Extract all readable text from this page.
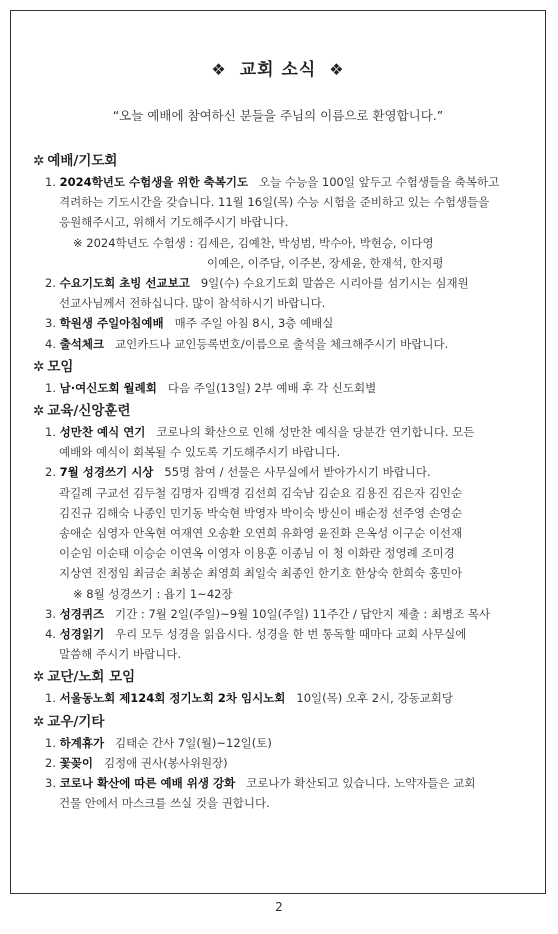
❖ 교회 소식 ❖
“오늘 예배에 참여하신 분들을 주님의 이름으로 환영합니다.”
✲ 예배/기도회
1. 2024학년도 수험생을 위한 축복기도 오늘 수능을 100일 앞두고 수험생들을 축복하고
격려하는 기도시간을 갖습니다. 11월 16일(목) 수능 시험을 준비하고 있는 수험생들을
응원해주시고, 위해서 기도해주시기 바랍니다.
※ 2024학년도 수험생 : 김세은, 김예찬, 박성범, 박수아, 박현승, 이다영
이예은, 이주담, 이주본, 장세윤, 한재석, 한지평
2. 수요기도회 초빙 선교보고 9일(수) 수요기도회 말씀은 시리아를 섬기시는 심재원
선교사님께서 전하십니다. 많이 참석하시기 바랍니다.
3. 학원생 주일아침예배 매주 주일 아침 8시, 3층 예배실
4. 출석체크 교인카드나 교인등록번호/이름으로 출석을 체크해주시기 바랍니다.
✲ 모임
1. 남·여신도회 월례회 다음 주일(13일) 2부 예배 후 각 신도회별
✲ 교육/신앙훈련
1. 성만찬 예식 연기 코로나의 확산으로 인해 성만찬 예식을 당분간 연기합니다. 모든
예배와 예식이 회복될 수 있도록 기도해주시기 바랍니다.
2. 7월 성경쓰기 시상 55명 참여 / 선물은 사무실에서 받아가시기 바랍니다.
곽길례 구교선 김두철 김명자 김백경 김선희 김숙남 김순요 김용진 김은자 김인순
김진규 김해숙 나종인 민기동 박숙현 박영자 박이숙 방신이 배순정 선주영 손영순
송애순 심영자 안옥현 여재연 오송환 오연희 유화영 윤진화 은옥성 이구순 이선재
이순임 이순태 이승순 이연옥 이영자 이용훈 이종님 이 청 이화란 정영례 조미경
지상연 진정임 최금순 최봉순 최영희 최일숙 최종인 한기호 한상숙 한희숙 홍민아
※ 8월 성경쓰기 : 욥기 1~42장
3. 성경퀴즈 기간 : 7월 2일(주일)~9월 10일(주일) 11주간 / 답안지 제출 : 최병조 목사
4. 성경읽기 우리 모두 성경을 읽읍시다. 성경을 한 번 통독할 때마다 교회 사무실에
말씀해 주시기 바랍니다.
✲ 교단/노회 모임
1. 서울동노회 제124회 정기노회 2차 임시노회 10일(목) 오후 2시, 강동교회당
✲ 교우/기타
1. 하계휴가 김태순 간사 7일(월)~12일(토)
2. 꽃꽂이 김정애 권사(봉사위원장)
3. 코로나 확산에 따른 예배 위생 강화 코로나가 확산되고 있습니다. 노약자들은 교회
건물 안에서 마스크를 쓰실 것을 권합니다.
2
